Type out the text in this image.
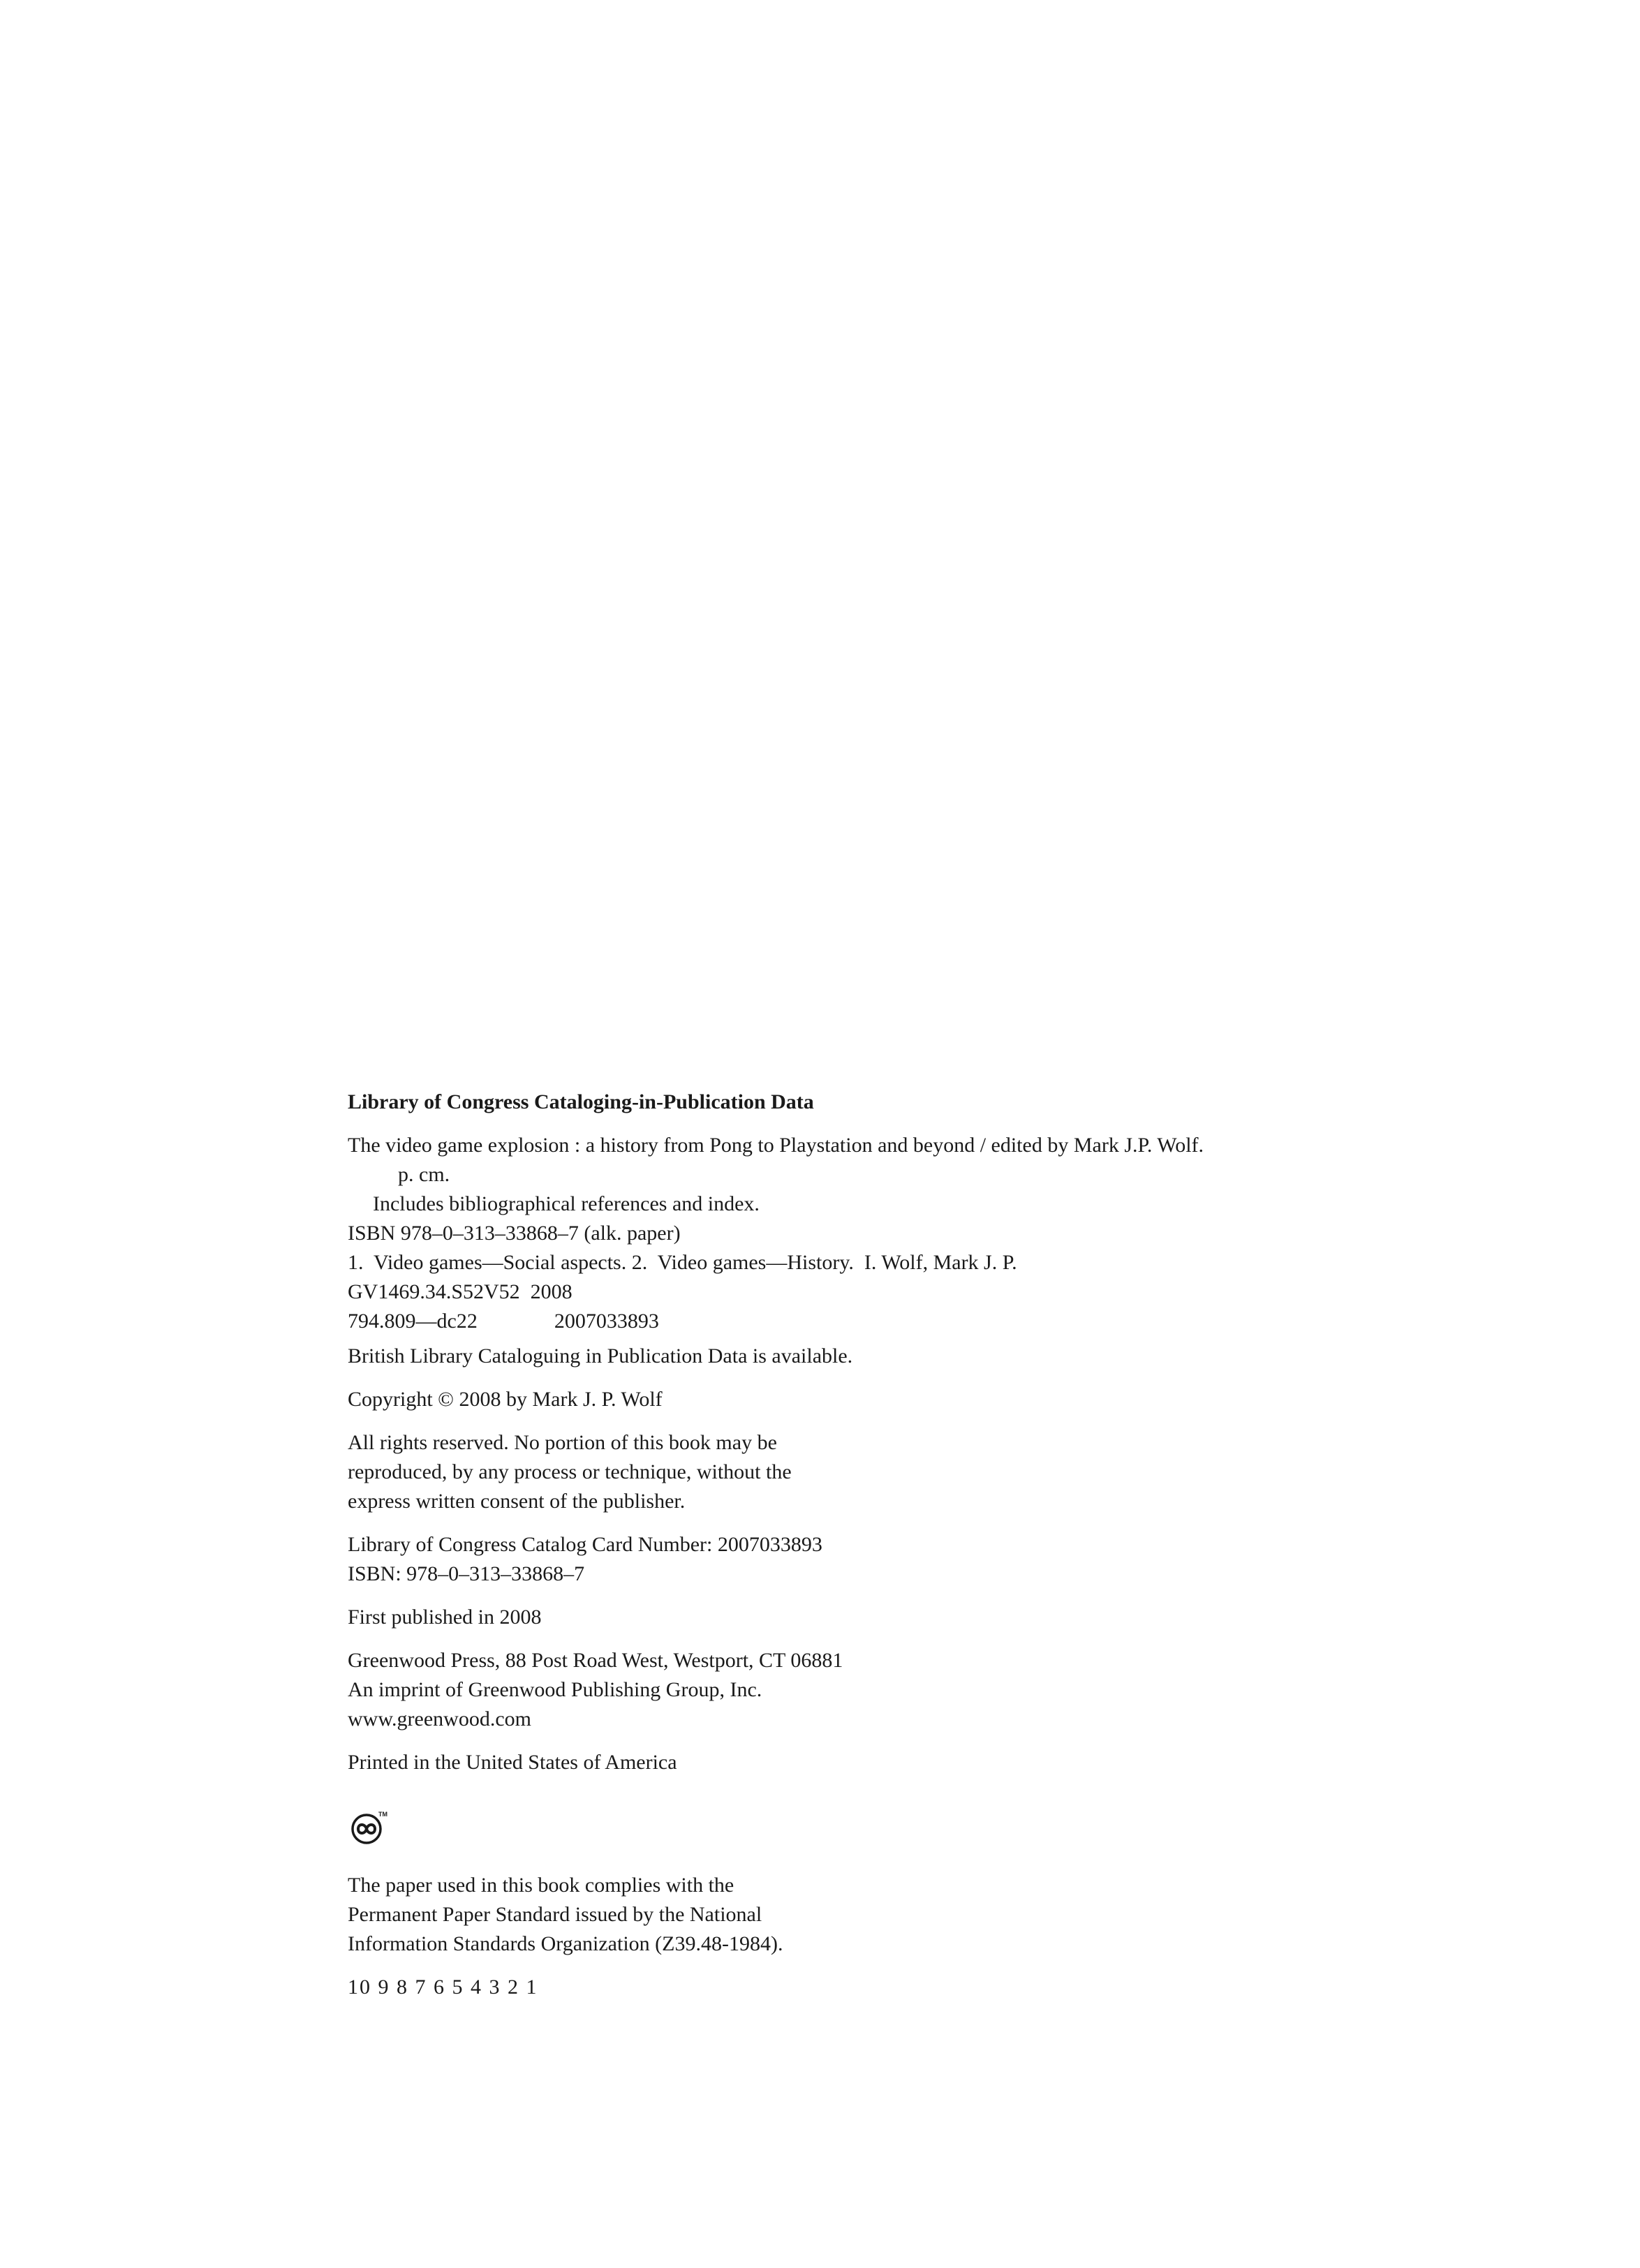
Library of Congress Cataloging-in-Publication Data
The video game explosion : a history from Pong to Playstation and beyond / edited by Mark J.P. Wolf.
p. cm.
Includes bibliographical references and index.
ISBN 978–0–313–33868–7 (alk. paper)
1.  Video games—Social aspects. 2.  Video games—History.  I. Wolf, Mark J. P.
GV1469.34.S52V52  2008
794.809—dc22	2007033893
British Library Cataloguing in Publication Data is available.
Copyright © 2008 by Mark J. P. Wolf
All rights reserved. No portion of this book may be
reproduced, by any process or technique, without the
express written consent of the publisher.
Library of Congress Catalog Card Number: 2007033893
ISBN: 978–0–313–33868–7
First published in 2008
Greenwood Press, 88 Post Road West, Westport, CT 06881
An imprint of Greenwood Publishing Group, Inc.
www.greenwood.com
Printed in the United States of America
TM
The paper used in this book complies with the
Permanent Paper Standard issued by the National
Information Standards Organization (Z39.48-1984).
10 9 8 7 6 5 4 3 2 1
